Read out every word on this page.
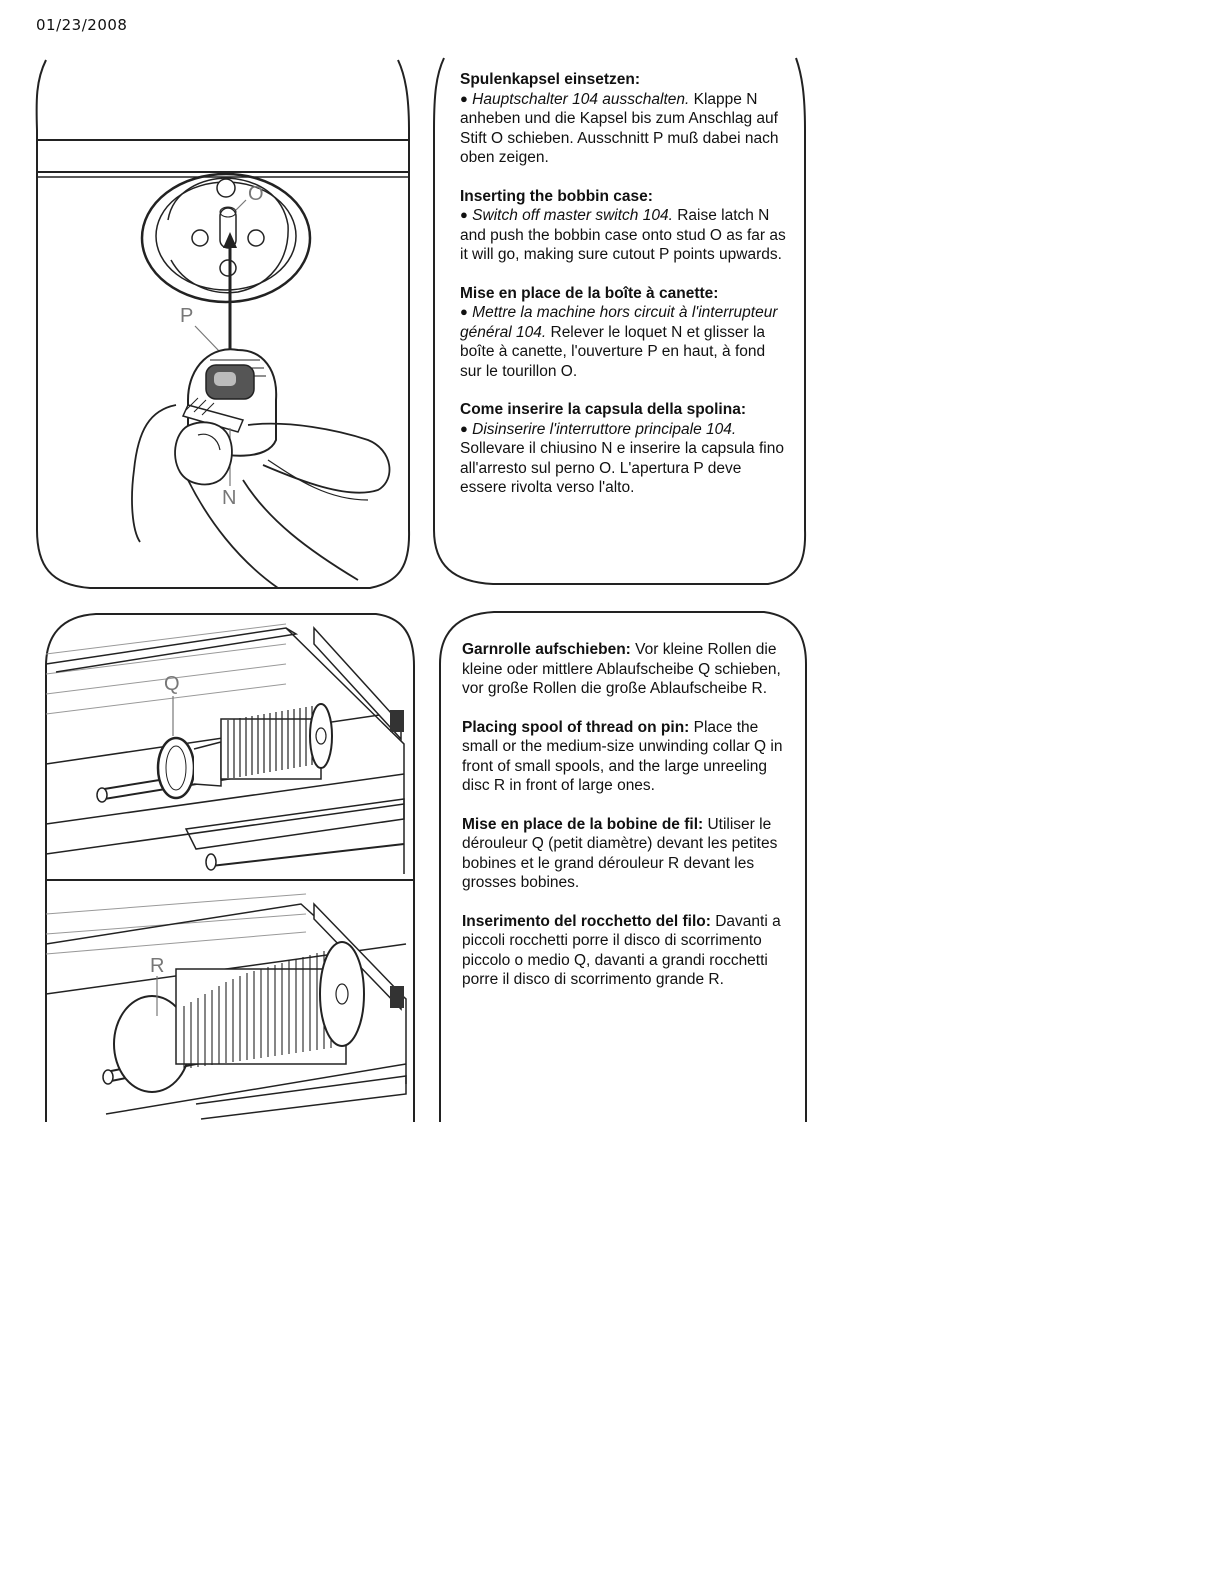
01/23/2008
O
P
N
Spulenkapsel einsetzen:

● Hauptschalter 104 ausschalten. Klappe N anheben und die Kapsel bis zum Anschlag auf Stift O schieben. Ausschnitt P muß dabei nach oben zeigen.

Inserting the bobbin case:

● Switch off master switch 104. Raise latch N and push the bobbin case onto stud O as far as it will go, making sure cutout P points upwards.

Mise en place de la boîte à canette:

● Mettre la machine hors circuit à l'interrupteur général 104. Relever le loquet N et glisser la boîte à canette, l'ouverture P en haut, à fond sur le tourillon O.

Come inserire la capsula della spolina:

● Disinserire l'interruttore principale 104. Sollevare il chiusino N e inserire la capsula fino all'arresto sul perno O. L'apertura P deve essere rivolta verso l'alto.

Q
R

Garnrolle aufschieben: Vor kleine Rollen die kleine oder mittlere Ablaufscheibe Q schieben, vor große Rollen die große Ablaufscheibe R.

Placing spool of thread on pin: Place the small or the medium-size unwinding collar Q in front of small spools, and the large unreeling disc R in front of large ones.

Mise en place de la bobine de fil: Utiliser le dérouleur Q (petit diamètre) devant les petites bobines et le grand dérouleur R devant les grosses bobines.

Inserimento del rocchetto del filo: Davanti a piccoli rocchetti porre il disco di scorrimento piccolo o medio Q, davanti a grandi rocchetti porre il disco di scorrimento grande R.
